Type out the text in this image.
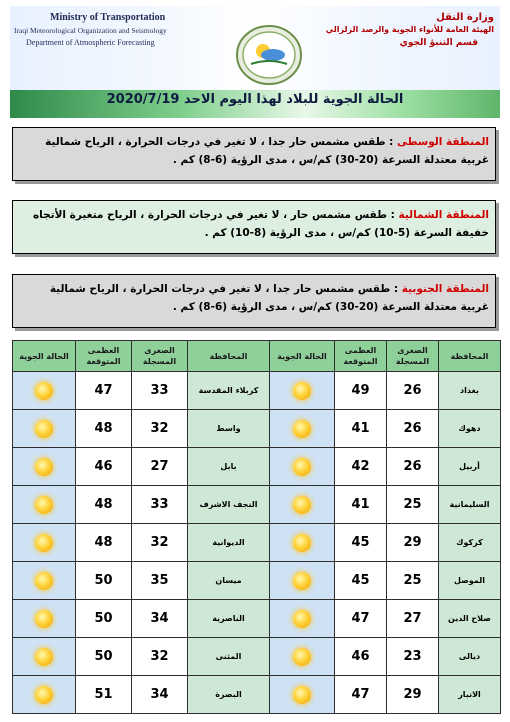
Ministry of Transportation
Iraqi Meteorological Organization and Seismology
Department of Atmospheric Forecasting
وزارة النقل
الهيئة العامة للأنواء الجوية والرصد الزلزالي
قسم التنبؤ الجوي
الحالة الجوية للبلاد لهذا اليوم الاحد 2020/7/19
المنطقة الوسطى : طقس مشمس حار جدا ، لا تغير في درجات الحرارة ، الرياح شمالية غربية معتدلة السرعة (20-30) كم/س ، مدى الرؤية (6-8) كم .
المنطقة الشمالية : طقس مشمس حار ، لا تغير في درجات الحرارة ، الرياح متغيرة الأتجاه خفيفة السرعة (5-10) كم/س ، مدى الرؤية (8-10) كم .
المنطقة الجنوبية : طقس مشمس حار جدا ، لا تغير في درجات الحرارة ، الرياح شمالية غربية معتدلة السرعة (20-30) كم/س ، مدى الرؤية (6-8) كم .
المحافظة	الصغرى المسجلة	العظمى المتوقعة	الحالة الجوية	المحافظة	الصغرى المسجلة	العظمى المتوقعة	الحالة الجوية
بغداد	26	49		كربلاء المقدسة	33	47	

دهوك	26	41		واسط	32	48	

أربيل	26	42		بابل	27	46	

السليمانية	25	41		النجف الاشرف	33	48	

كركوك	29	45		الديوانية	32	48	

الموصل	25	45		ميسان	35	50	

صلاح الدين	27	47		الناصرية	34	50	

ديالى	23	46		المثنى	32	50	

الانبار	29	47		البصرة	34	51	
